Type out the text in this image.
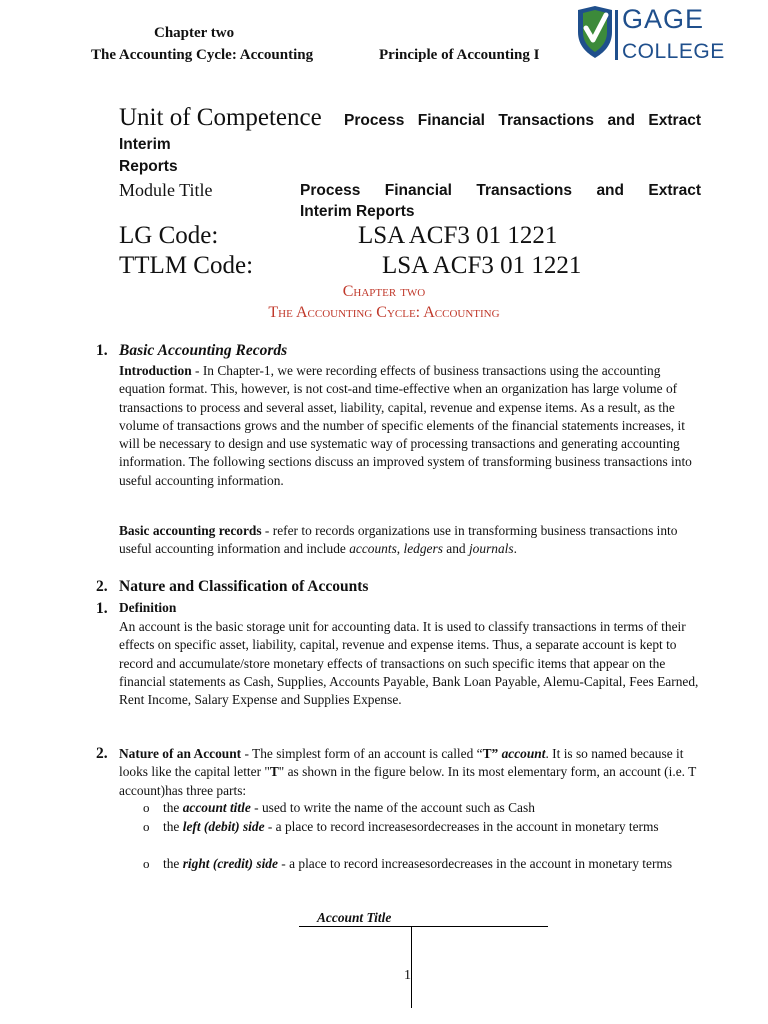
Chapter two
The Accounting Cycle: Accounting	Principle of Accounting I
GAGE
COLLEGE
Unit of Competence Process Financial Transactions and Extract
Interim
Reports
Module Title	Process Financial Transactions and Extract
Interim Reports
LG Code:	LSA ACF3 01 1221
TTLM Code:	LSA ACF3 01 1221
Chapter two
The Accounting Cycle: Accounting
1. Basic Accounting Records

Introduction - In Chapter-1, we were recording effects of business transactions using the accounting equation format. This, however, is not cost-and time-effective when an organization has large volume of transactions to process and several asset, liability, capital, revenue and expense items. As a result, as the volume of transactions grows and the number of specific elements of the financial statements increases, it will be necessary to design and use systematic way of processing transactions and generating accounting information. The following sections discuss an improved system of transforming business transactions into useful accounting information.

Basic accounting records - refer to records organizations use in transforming business transactions into useful accounting information and include accounts, ledgers and journals.

2. Nature and Classification of Accounts
1. Definition

An account is the basic storage unit for accounting data. It is used to classify transactions in terms of their effects on specific asset, liability, capital, revenue and expense items. Thus, a separate account is kept to record and accumulate/store monetary effects of transactions on such specific items that appear on the financial statements as Cash, Supplies, Accounts Payable, Bank Loan Payable, Alemu-Capital, Fees Earned, Rent Income, Salary Expense and Supplies Expense.

2. Nature of an Account - The simplest form of an account is called “T” account. It is so named because it looks like the capital letter "T" as shown in the figure below. In its most elementary form, an account (i.e. T account)has three parts:

o the account title - used to write the name of the account such as Cash
o the left (debit) side - a place to record increasesordecreases in the account in monetary terms
o the right (credit) side - a place to record increasesordecreases in the account in monetary terms
Account Title
1
